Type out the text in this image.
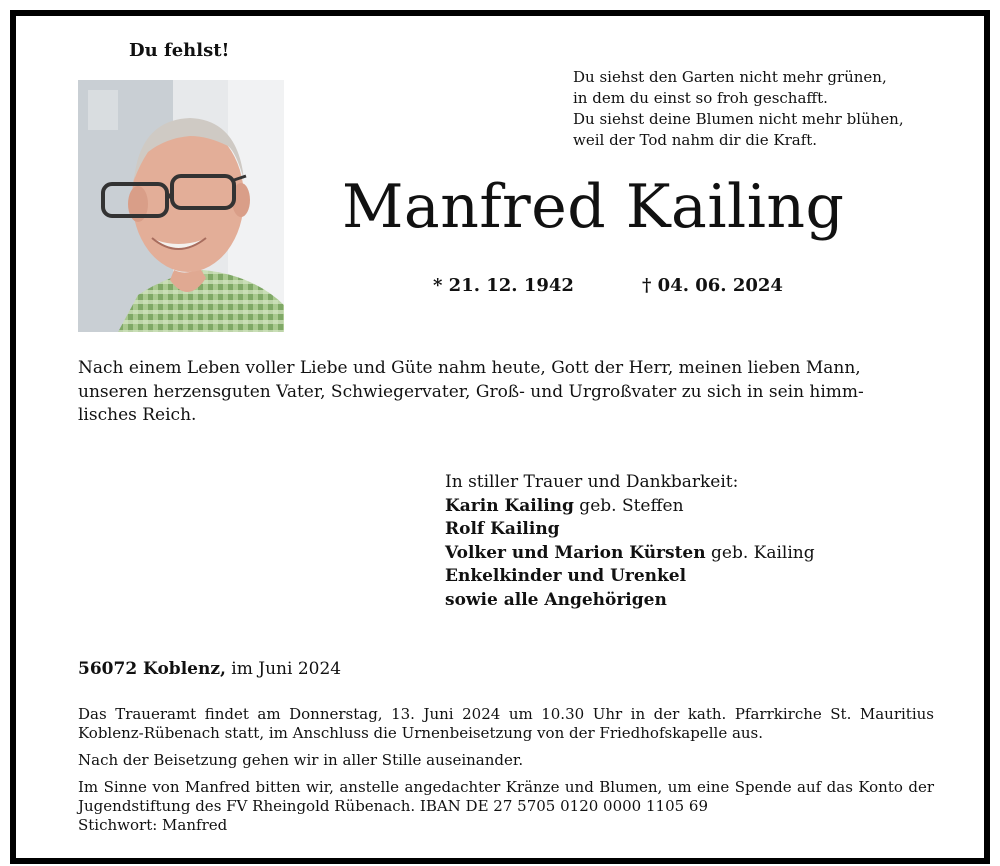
Du fehlst!
Du siehst den Garten nicht mehr grünen,
in dem du einst so froh geschafft.
Du siehst deine Blumen nicht mehr blühen,
weil der Tod nahm dir die Kraft.
Manfred Kailing
* 21. 12. 1942	† 04. 06. 2024

Nach einem Leben voller Liebe und Güte nahm heute, Gott der Herr, meinen lieben Mann,

unseren herzensguten Vater, Schwiegervater, Groß- und Urgroßvater zu sich in sein himm-

lisches Reich.

In stiller Trauer und Dankbarkeit:
Karin Kailing geb. Steffen
Rolf Kailing
Volker und Marion Kürsten geb. Kailing
Enkelkinder und Urenkel
sowie alle Angehörigen
56072 Koblenz, im Juni 2024

Das Traueramt findet am Donnerstag, 13. Juni 2024 um 10.30 Uhr in der kath. Pfarrkirche St. Mauritius Koblenz-Rübenach statt, im Anschluss die Urnenbeisetzung von der Friedhofskapelle aus.

Nach der Beisetzung gehen wir in aller Stille auseinander.

Im Sinne von Manfred bitten wir, anstelle angedachter Kränze und Blumen, um eine Spende auf das Konto der Jugendstiftung des FV Rheingold Rübenach. IBAN DE 27 5705 0120 0000 1105 69

Stichwort: Manfred
